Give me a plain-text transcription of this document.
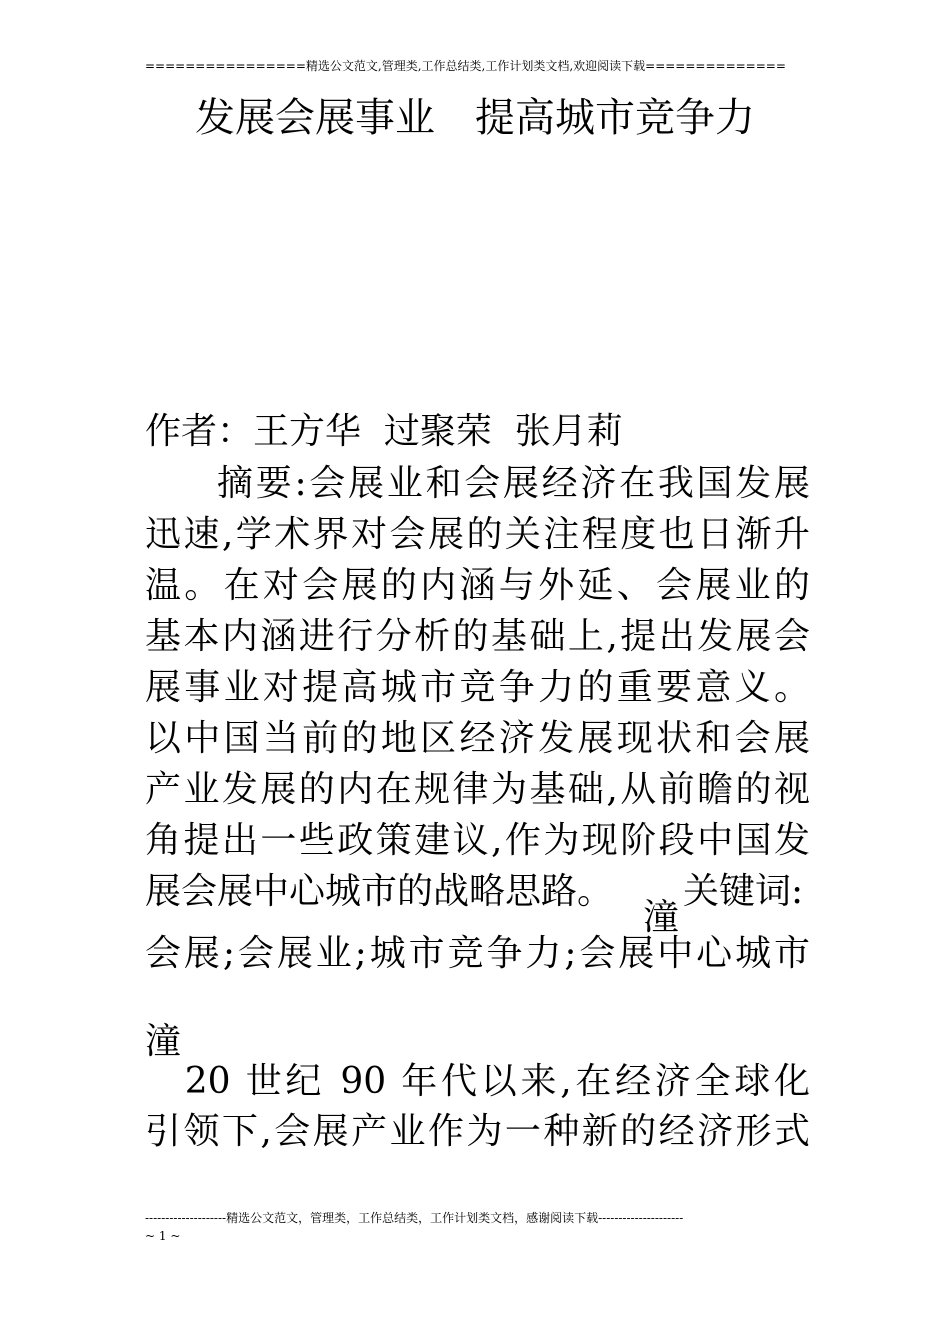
================精选公文范文,管理类,工作总结类,工作计划类文档,欢迎阅读下载==============
发展会展事业　提高城市竞争力
作者：王方华  过聚荣  张月莉
摘要:会展业和会展经济在我国发展
迅速,学术界对会展的关注程度也日渐升
温。在对会展的内涵与外延、会展业的
基本内涵进行分析的基础上,提出发展会
展事业对提高城市竞争力的重要意义。
以中国当前的地区经济发展现状和会展
产业发展的内在规律为基础,从前瞻的视
角提出一些政策建议,作为现阶段中国发
展会展中心城市的战略思路。
潼
关键词:
会展;会展业;城市竞争力;会展中心城市
潼
　20 世纪 90 年代以来,在经济全球化
引领下,会展产业作为一种新的经济形式
--------------------精选公文范文，管理类，工作总结类，工作计划类文档，感谢阅读下载---------------------
~ 1 ~
